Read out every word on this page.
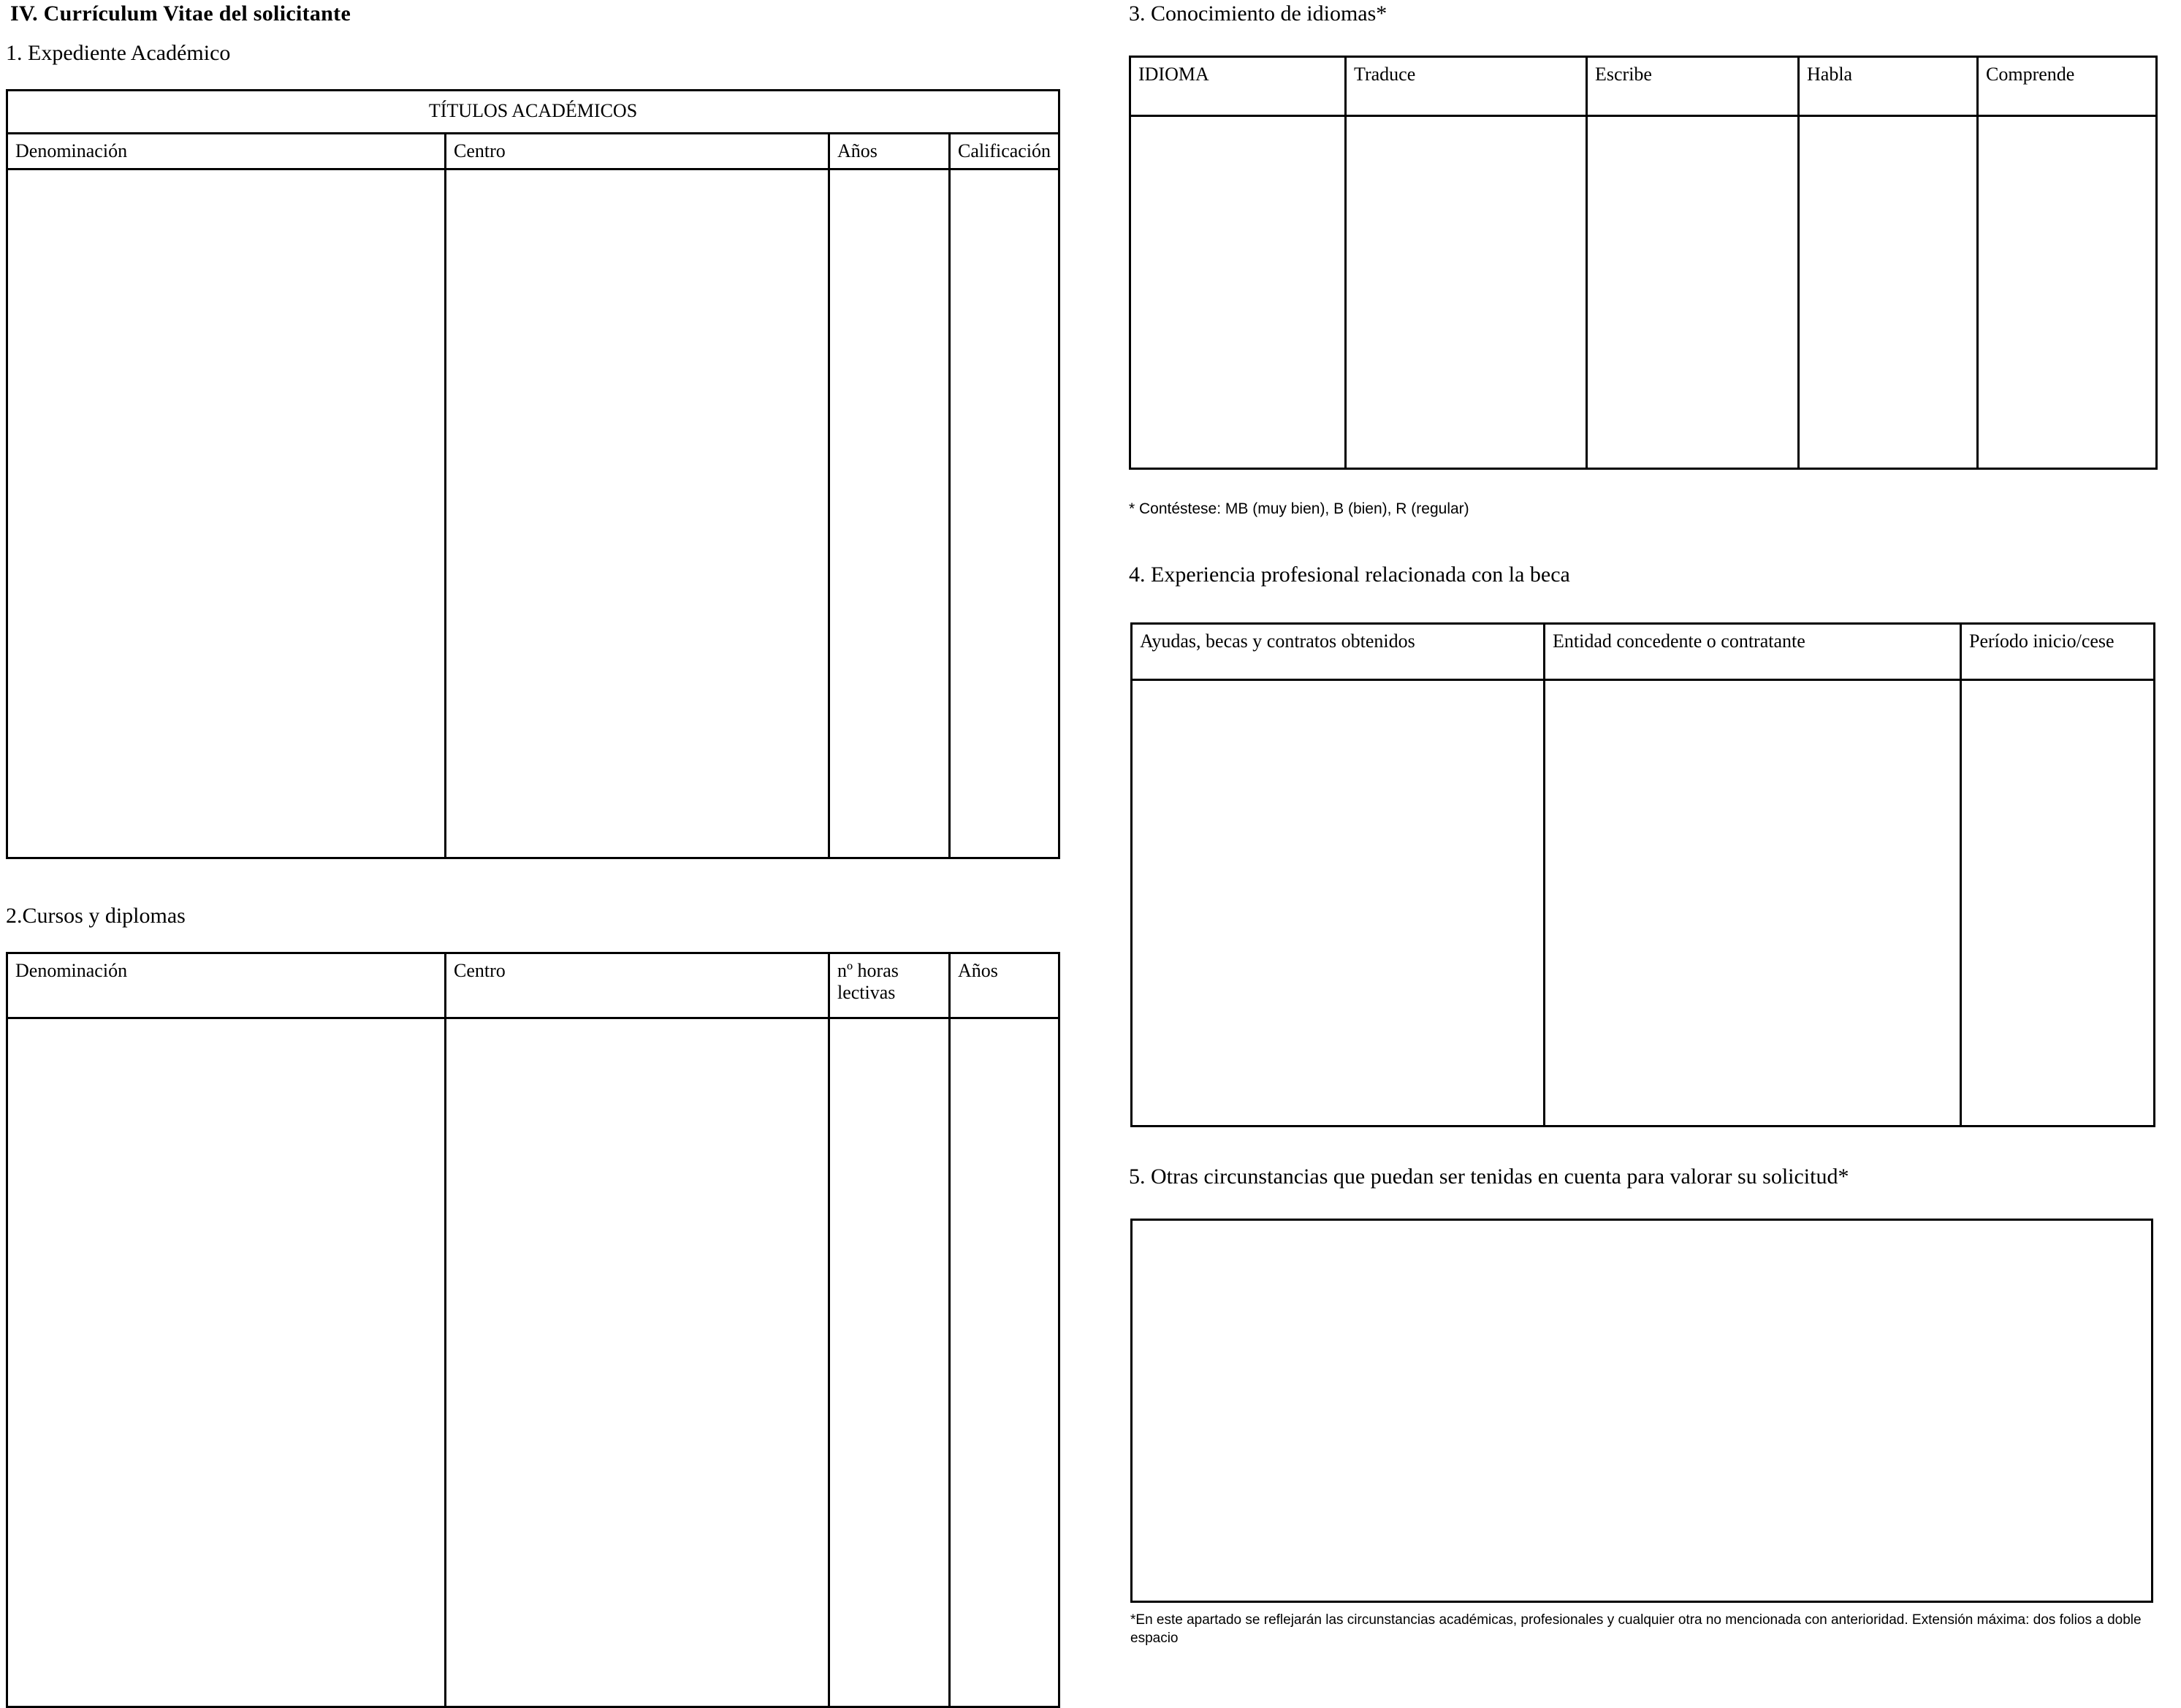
IV. Currículum Vitae del solicitante
1. Expediente Académico
TÍTULOS ACADÉMICOS			
Denominación	Centro	Años	Calificación

2.Cursos y diplomas
Denominación	Centro	nº horas lectivas	Años

3. Conocimiento de idiomas*
IDIOMA	Traduce	Escribe	Habla	Comprende

* Contéstese: MB (muy bien), B (bien), R (regular)
4. Experiencia profesional relacionada con la beca
Ayudas, becas y contratos obtenidos	Entidad concedente o contratante	Período inicio/cese

5. Otras circunstancias que puedan ser tenidas en cuenta para valorar su solicitud*
*En este apartado se reflejarán las circunstancias académicas, profesionales y cualquier otra no mencionada con anterioridad. Extensión máxima: dos folios a doble espacio
